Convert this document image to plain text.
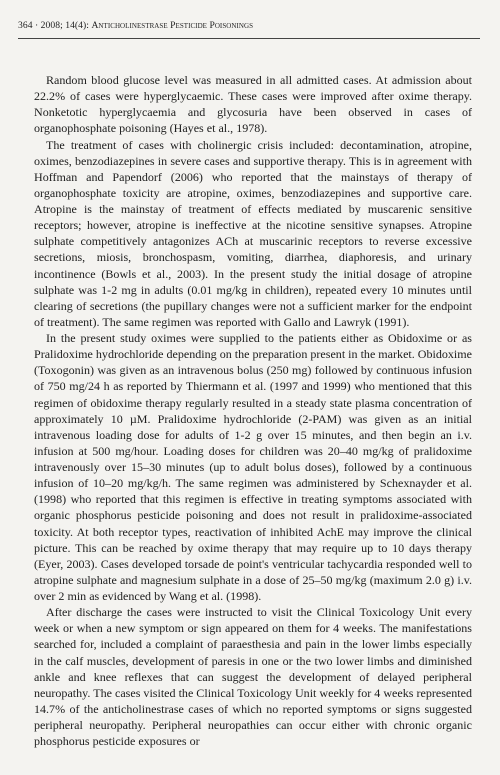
364 · 2008; 14(4): Anticholinestrase Pesticide Poisonings

Random blood glucose level was measured in all admitted cases. At admission about 22.2% of cases were hyperglycaemic. These cases were improved after oxime therapy. Nonketotic hyperglycaemia and glycosuria have been observed in cases of organophosphate poisoning (Hayes et al., 1978).

The treatment of cases with cholinergic crisis included: decontamination, atropine, oximes, benzodiazepines in severe cases and supportive therapy. This is in agreement with Hoffman and Papendorf (2006) who reported that the mainstays of therapy of organophosphate toxicity are atropine, oximes, benzodiazepines and supportive care. Atropine is the mainstay of treatment of effects mediated by muscarenic sensitive receptors; however, atropine is ineffective at the nicotine sensitive synapses. Atropine sulphate competitively antagonizes ACh at muscarinic receptors to reverse excessive secretions, miosis, bronchospasm, vomiting, diarrhea, diaphoresis, and urinary incontinence (Bowls et al., 2003). In the present study the initial dosage of atropine sulphate was 1-2 mg in adults (0.01 mg/kg in children), repeated every 10 minutes until clearing of secretions (the pupillary changes were not a sufficient marker for the endpoint of treatment). The same regimen was reported with Gallo and Lawryk (1991).

In the present study oximes were supplied to the patients either as Obidoxime or as Pralidoxime hydrochloride depending on the preparation present in the market. Obidoxime (Toxogonin) was given as an intravenous bolus (250 mg) followed by continuous infusion of 750 mg/24 h as reported by Thiermann et al. (1997 and 1999) who mentioned that this regimen of obidoxime therapy regularly resulted in a steady state plasma concentration of approximately 10 µM. Pralidoxime hydrochloride (2-PAM) was given as an initial intravenous loading dose for adults of 1-2 g over 15 minutes, and then begin an i.v. infusion at 500 mg/hour. Loading doses for children was 20–40 mg/kg of pralidoxime intravenously over 15–30 minutes (up to adult bolus doses), followed by a continuous infusion of 10–20 mg/kg/h. The same regimen was administered by Schexnayder et al. (1998) who reported that this regimen is effective in treating symptoms associated with organic phosphorus pesticide poisoning and does not result in pralidoxime-associated toxicity. At both receptor types, reactivation of inhibited AchE may improve the clinical picture. This can be reached by oxime therapy that may require up to 10 days therapy (Eyer, 2003). Cases developed torsade de point's ventricular tachycardia responded well to atropine sulphate and magnesium sulphate in a dose of 25–50 mg/kg (maximum 2.0 g) i.v. over 2 min as evidenced by Wang et al. (1998).

After discharge the cases were instructed to visit the Clinical Toxicology Unit every week or when a new symptom or sign appeared on them for 4 weeks. The manifestations searched for, included a complaint of paraesthesia and pain in the lower limbs especially in the calf muscles, development of paresis in one or the two lower limbs and diminished ankle and knee reflexes that can suggest the development of delayed peripheral neuropathy. The cases visited the Clinical Toxicology Unit weekly for 4 weeks represented 14.7% of the anticholinestrase cases of which no reported symptoms or signs suggested peripheral neuropathy. Peripheral neuropathies can occur either with chronic organic phosphorus pesticide exposures or
